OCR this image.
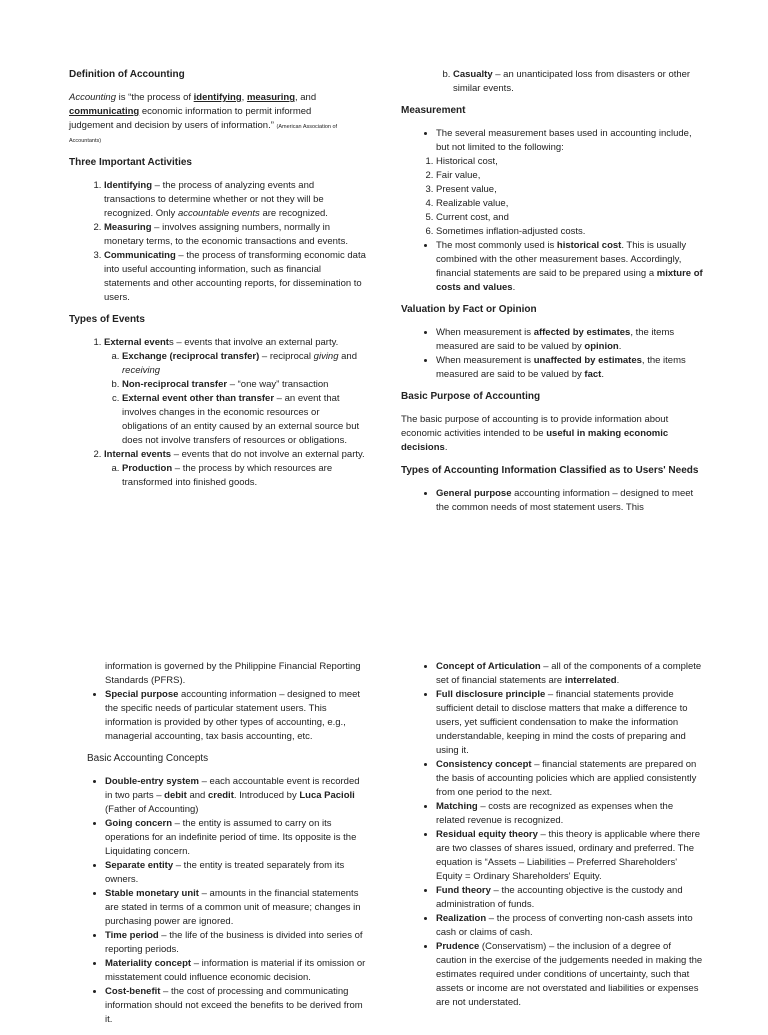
Definition of Accounting

Accounting is “the process of identifying, measuring, and communicating economic information to permit informed judgement and decision by users of information.” (American Association of Accountants)

Three Important Activities
1. Identifying – the process of analyzing events and transactions to determine whether or not they will be recognized. Only accountable events are recognized.
2. Measuring – involves assigning numbers, normally in monetary terms, to the economic transactions and events.
3. Communicating – the process of transforming economic data into useful accounting information, such as financial statements and other accounting reports, for dissemination to users.
Types of Events
1. External events – events that involve an external party.
a. Exchange (reciprocal transfer) – reciprocal giving and receiving
b. Non-reciprocal transfer – “one way” transaction
c. External event other than transfer – an event that involves changes in the economic resources or obligations of an entity caused by an external source but does not involve transfers of resources or obligations.
2. Internal events – events that do not involve an external party.
a. Production – the process by which resources are transformed into finished goods.
b. Casualty – an unanticipated loss from disasters or other similar events.
Measurement
• The several measurement bases used in accounting include, but not limited to the following:
1. Historical cost,
2. Fair value,
3. Present value,
4. Realizable value,
5. Current cost, and
6. Sometimes inflation-adjusted costs.
• The most commonly used is historical cost. This is usually combined with the other measurement bases. Accordingly, financial statements are said to be prepared using a mixture of costs and values.
Valuation by Fact or Opinion
• When measurement is affected by estimates, the items measured are said to be valued by opinion.
• When measurement is unaffected by estimates, the items measured are said to be valued by fact.
Basic Purpose of Accounting

The basic purpose of accounting is to provide information about economic activities intended to be useful in making economic decisions.

Types of Accounting Information Classified as to Users' Needs
• General purpose accounting information – designed to meet the common needs of most statement users. This

information is governed by the Philippine Financial Reporting Standards (PFRS).

• Special purpose accounting information – designed to meet the specific needs of particular statement users. This information is provided by other types of accounting, e.g., managerial accounting, tax basis accounting, etc.
Basic Accounting Concepts
• Double-entry system – each accountable event is recorded in two parts – debit and credit. Introduced by Luca Pacioli (Father of Accounting)
• Going concern – the entity is assumed to carry on its operations for an indefinite period of time. Its opposite is the Liquidating concern.
• Separate entity – the entity is treated separately from its owners.
• Stable monetary unit – amounts in the financial statements are stated in terms of a common unit of measure; changes in purchasing power are ignored.
• Time period – the life of the business is divided into series of reporting periods.
• Materiality concept – information is material if its omission or misstatement could influence economic decision.
• Cost-benefit – the cost of processing and communicating information should not exceed the benefits to be derived from it.
• Concept of Articulation – all of the components of a complete set of financial statements are interrelated.
• Full disclosure principle – financial statements provide sufficient detail to disclose matters that make a difference to users, yet sufficient condensation to make the information understandable, keeping in mind the costs of preparing and using it.
• Consistency concept – financial statements are prepared on the basis of accounting policies which are applied consistently from one period to the next.
• Matching – costs are recognized as expenses when the related revenue is recognized.
• Residual equity theory – this theory is applicable where there are two classes of shares issued, ordinary and preferred. The equation is “Assets – Liabilities – Preferred Shareholders' Equity = Ordinary Shareholders' Equity.
• Fund theory – the accounting objective is the custody and administration of funds.
• Realization – the process of converting non-cash assets into cash or claims of cash.
• Prudence (Conservatism) – the inclusion of a degree of caution in the exercise of the judgements needed in making the estimates required under conditions of uncertainty, such that assets or income are not overstated and liabilities or expenses are not understated.
